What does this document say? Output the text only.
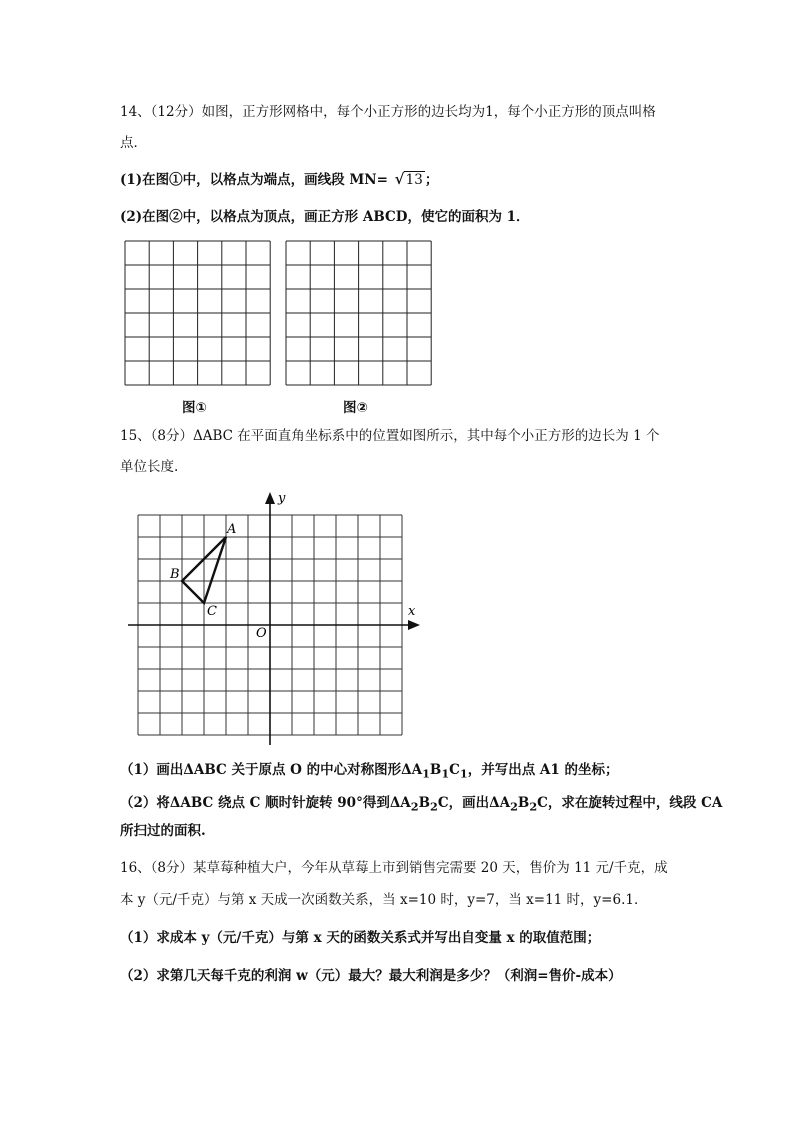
14、（12分）如图，正方形网格中，每个小正方形的边长均为1，每个小正方形的顶点叫格
点．
(1)在图①中，以格点为端点，画线段 MN= √ 13 ；
(2)在图②中，以格点为顶点，画正方形 ABCD，使它的面积为 1．
A
B
C
O
x
y
图①	图②
15、（8分）ΔABC 在平面直角坐标系中的位置如图所示，其中每个小正方形的边长为 1 个
单位长度.
（1）画出ΔABC 关于原点 O 的中心对称图形$\Delta A_1B_1C_1$，并写出点 A1 的坐标；
（2）将ΔABC 绕点 C 顺时针旋转 90°得到$\Delta A_2B_2C$，画出$\Delta A_2B_2C$，求在旋转过程中，线段 CA
所扫过的面积.
16、（8分）某草莓种植大户，今年从草莓上市到销售完需要 20 天，售价为 11 元/千克，成
本 y（元/千克）与第 x 天成一次函数关系，当 x=10 时，y=7，当 x=11 时，y=6.1．
（1）求成本 y（元/千克）与第 x 天的函数关系式并写出自变量 x 的取值范围；
（2）求第几天每千克的利润 w（元）最大？最大利润是多少？（利润=售价-成本）
